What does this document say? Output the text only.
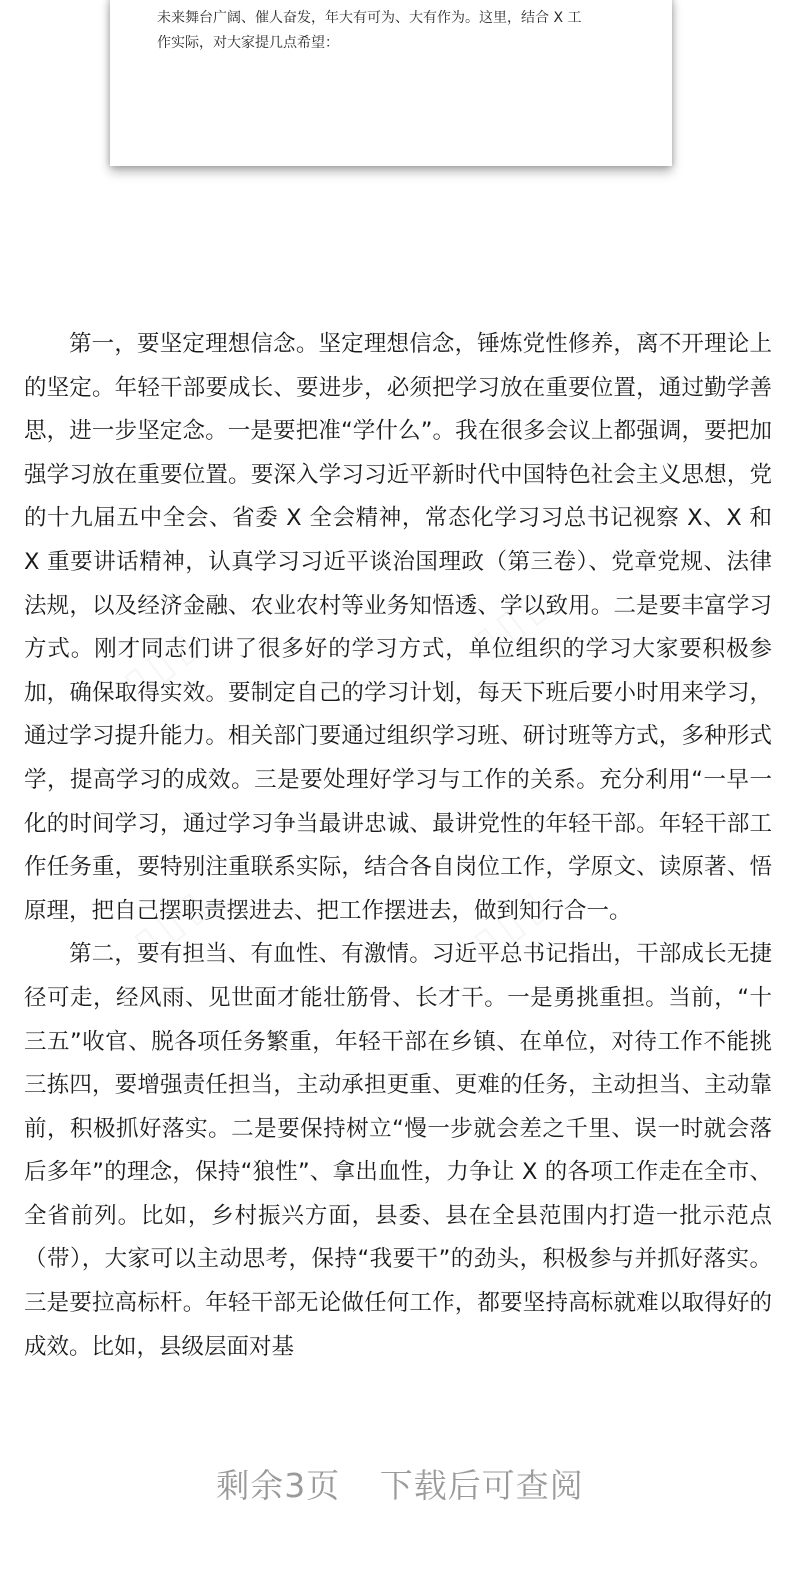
未来舞台广阔、催人奋发，年大有可为、大有作为。这里，结合 X 工
作实际，对大家提几点希望：

第一，要坚定理想信念。坚定理想信念，锤炼党性修养，离不开理论上的坚定。年轻干部要成长、要进步，必须把学习放在重要位置，通过勤学善思，进一步坚定念。一是要把准“学什么”。我在很多会议上都强调，要把加强学习放在重要位置。要深入学习习近平新时代中国特色社会主义思想，党的十九届五中全会、省委 X 全会精神，常态化学习习总书记视察 X、X 和 X 重要讲话精神，认真学习习近平谈治国理政（第三卷）、党章党规、法律法规，以及经济金融、农业农村等业务知悟透、学以致用。二是要丰富学习方式。刚才同志们讲了很多好的学习方式，单位组织的学习大家要积极参加，确保取得实效。要制定自己的学习计划，每天下班后要小时用来学习，通过学习提升能力。相关部门要通过组织学习班、研讨班等方式，多种形式学，提高学习的成效。三是要处理好学习与工作的关系。充分利用“一早一化的时间学习，通过学习争当最讲忠诚、最讲党性的年轻干部。年轻干部工作任务重，要特别注重联系实际，结合各自岗位工作，学原文、读原著、悟原理，把自己摆职责摆进去、把工作摆进去，做到知行合一。

第二，要有担当、有血性、有激情。习近平总书记指出，干部成长无捷径可走，经风雨、见世面才能壮筋骨、长才干。一是勇挑重担。当前，“十三五”收官、脱各项任务繁重，年轻干部在乡镇、在单位，对待工作不能挑三拣四，要增强责任担当，主动承担更重、更难的任务，主动担当、主动靠前，积极抓好落实。二是要保持树立“慢一步就会差之千里、误一时就会落后多年”的理念，保持“狼性”、拿出血性，力争让 X 的各项工作走在全市、全省前列。比如，乡村振兴方面，县委、县在全县范围内打造一批示范点（带），大家可以主动思考，保持“我要干”的劲头，积极参与并抓好落实。三是要拉高标杆。年轻干部无论做任何工作，都要坚持高标就难以取得好的成效。比如，县级层面对基

剩余3页 下载后可查阅
